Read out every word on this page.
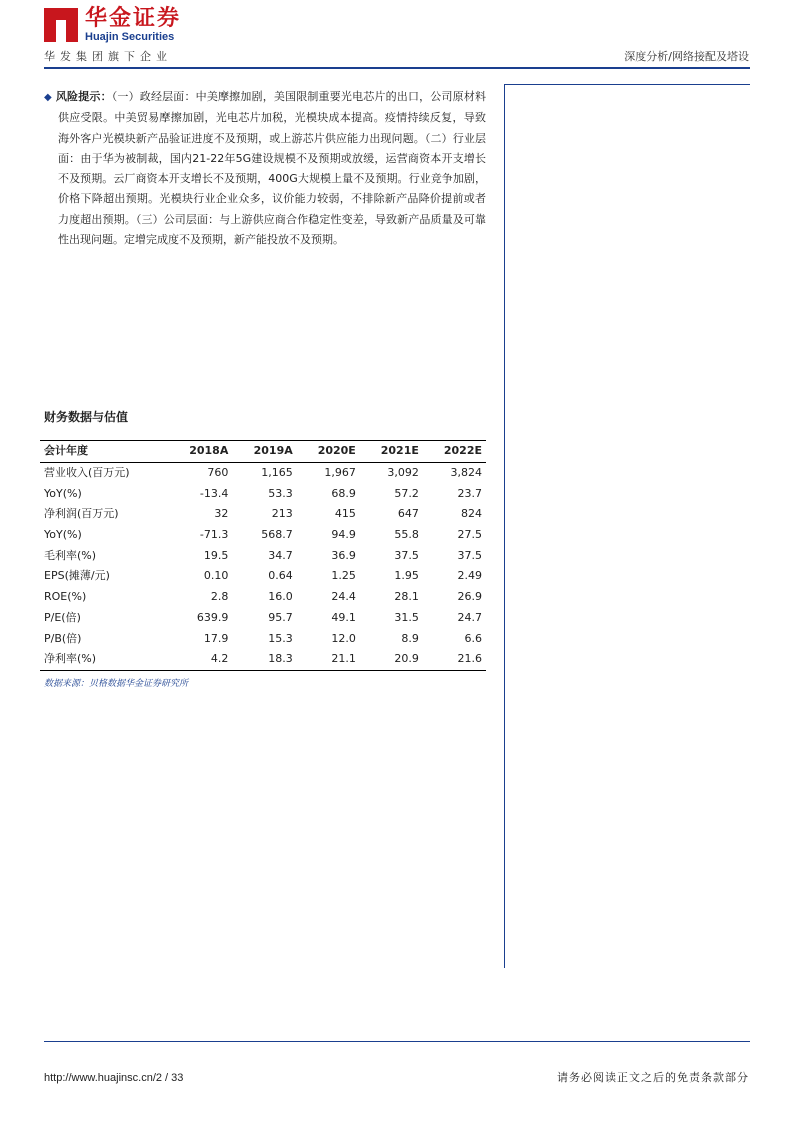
华金证券
Huajin Securities
华发集团旗下企业	深度分析/网络接配及塔设
◆ 风险提示：（一）政经层面：中美摩擦加剧，美国限制重要光电芯片的出口，公司原材料供应受限。中美贸易摩擦加剧，光电芯片加税，光模块成本提高。疫情持续反复，导致海外客户光模块新产品验证进度不及预期，或上游芯片供应能力出现问题。（二）行业层面：由于华为被制裁，国内21-22年5G建设规模不及预期或放缓，运营商资本开支增长不及预期。云厂商资本开支增长不及预期，400G大规模上量不及预期。行业竞争加剧，价格下降超出预期。光模块行业企业众多，议价能力较弱，不排除新产品降价提前或者力度超出预期。（三）公司层面：与上游供应商合作稳定性变差，导致新产品质量及可靠性出现问题。定增完成度不及预期，新产能投放不及预期。
财务数据与估值
会计年度	2018A	2019A	2020E	2021E	2022E
营业收入(百万元)	760	1,165	1,967	3,092	3,824
YoY(%)	-13.4	53.3	68.9	57.2	23.7
净利润(百万元)	32	213	415	647	824
YoY(%)	-71.3	568.7	94.9	55.8	27.5
毛利率(%)	19.5	34.7	36.9	37.5	37.5
EPS(摊薄/元)	0.10	0.64	1.25	1.95	2.49
ROE(%)	2.8	16.0	24.4	28.1	26.9
P/E(倍)	639.9	95.7	49.1	31.5	24.7
P/B(倍)	17.9	15.3	12.0	8.9	6.6
净利率(%)	4.2	18.3	21.1	20.9	21.6
数据来源：贝格数据华金证券研究所
http://www.huajinsc.cn/2 / 33	请务必阅读正文之后的免责条款部分
